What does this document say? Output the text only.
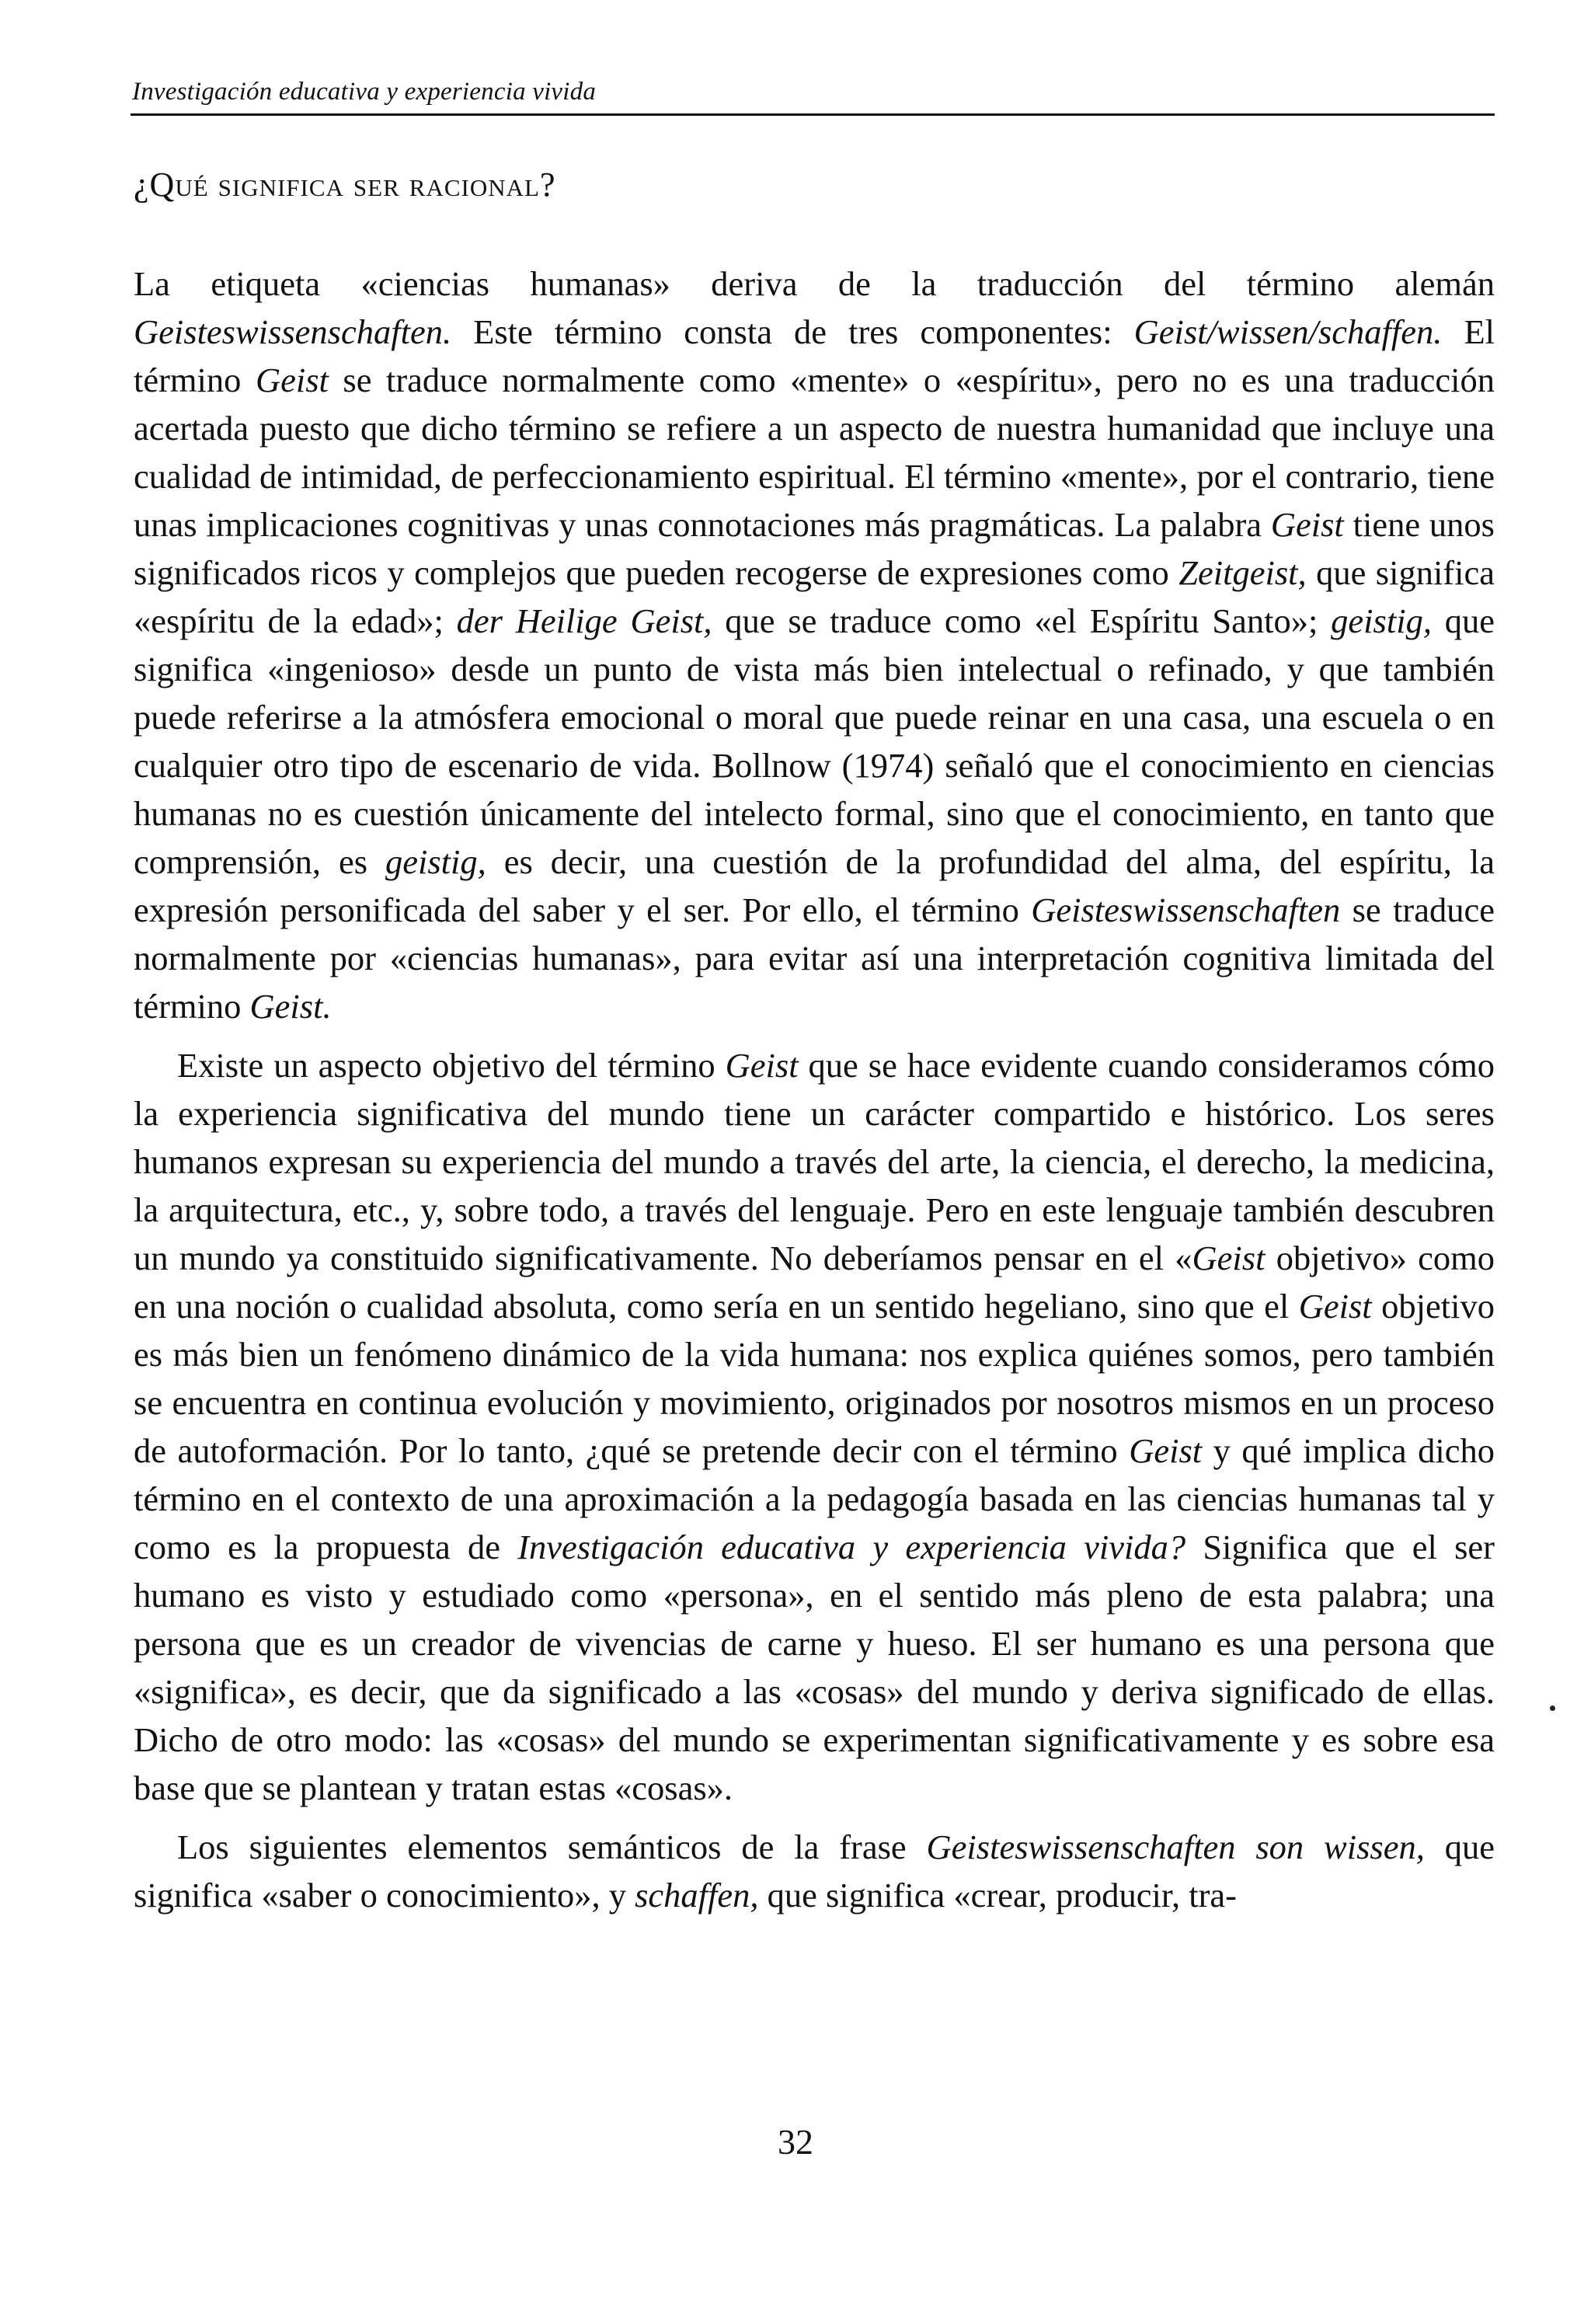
Investigación educativa y experiencia vivida
¿Qué significa ser racional?

La etiqueta «ciencias humanas» deriva de la traducción del término alemán Geisteswissenschaften. Este término consta de tres componentes: Geist/wissen/schaffen. El término Geist se traduce normalmente como «mente» o «espíritu», pero no es una traducción acertada puesto que dicho término se refiere a un aspecto de nuestra humanidad que incluye una cualidad de intimidad, de perfeccionamiento espiritual. El término «mente», por el contrario, tiene unas implicaciones cognitivas y unas connotaciones más pragmáticas. La palabra Geist tiene unos significados ricos y complejos que pueden recogerse de expresiones como Zeitgeist, que significa «espíritu de la edad»; der Heilige Geist, que se traduce como «el Espíritu Santo»; geistig, que significa «ingenioso» desde un punto de vista más bien intelectual o refinado, y que también puede referirse a la atmósfera emocional o moral que puede reinar en una casa, una escuela o en cualquier otro tipo de escenario de vida. Bollnow (1974) señaló que el conocimiento en ciencias humanas no es cuestión únicamente del intelecto formal, sino que el conocimiento, en tanto que comprensión, es geistig, es decir, una cuestión de la profundidad del alma, del espíritu, la expresión personificada del saber y el ser. Por ello, el término Geisteswissenschaften se traduce normalmente por «ciencias humanas», para evitar así una interpretación cognitiva limitada del término Geist.

Existe un aspecto objetivo del término Geist que se hace evidente cuando consideramos cómo la experiencia significativa del mundo tiene un carácter compartido e histórico. Los seres humanos expresan su experiencia del mundo a través del arte, la ciencia, el derecho, la medicina, la arquitectura, etc., y, sobre todo, a través del lenguaje. Pero en este lenguaje también descubren un mundo ya constituido significativamente. No deberíamos pensar en el «Geist objetivo» como en una noción o cualidad absoluta, como sería en un sentido hegeliano, sino que el Geist objetivo es más bien un fenómeno dinámico de la vida humana: nos explica quiénes somos, pero también se encuentra en continua evolución y movimiento, originados por nosotros mismos en un proceso de autoformación. Por lo tanto, ¿qué se pretende decir con el término Geist y qué implica dicho término en el contexto de una aproximación a la pedagogía basada en las ciencias humanas tal y como es la propuesta de Investigación educativa y experiencia vivida? Significa que el ser humano es visto y estudiado como «persona», en el sentido más pleno de esta palabra; una persona que es un creador de vivencias de carne y hueso. El ser humano es una persona que «significa», es decir, que da significado a las «cosas» del mundo y deriva significado de ellas. Dicho de otro modo: las «cosas» del mundo se experimentan significativamente y es sobre esa base que se plantean y tratan estas «cosas».

Los siguientes elementos semánticos de la frase Geisteswissenschaften son wissen, que significa «saber o conocimiento», y schaffen, que significa «crear, producir, tra-

32
